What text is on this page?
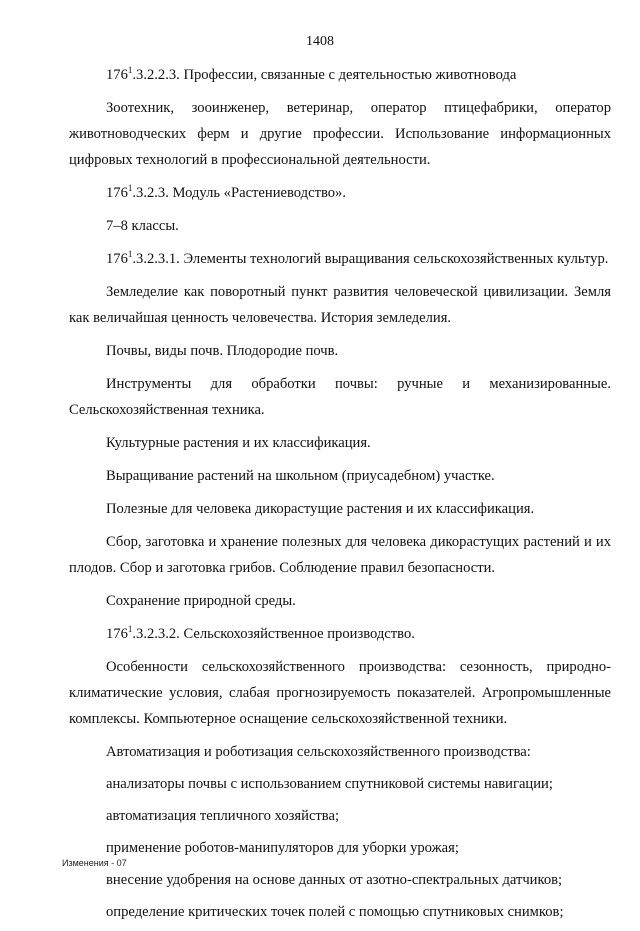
1408

$176^1.3.2.2.3$. Профессии, связанные с деятельностью животновода

Зоотехник, зооинженер, ветеринар, оператор птицефабрики, оператор животноводческих ферм и другие профессии. Использование информационных цифровых технологий в профессиональной деятельности.

$176^1.3.2.3$. Модуль «Растениеводство».

7–8 классы.

$176^1.3.2.3.1$. Элементы технологий выращивания сельскохозяйственных культур.

Земледелие как поворотный пункт развития человеческой цивилизации. Земля как величайшая ценность человечества. История земледелия.

Почвы, виды почв. Плодородие почв.

Инструменты для обработки почвы: ручные и механизированные. Сельскохозяйственная техника.

Культурные растения и их классификация.

Выращивание растений на школьном (приусадебном) участке.

Полезные для человека дикорастущие растения и их классификация.

Сбор, заготовка и хранение полезных для человека дикорастущих растений и их плодов. Сбор и заготовка грибов. Соблюдение правил безопасности.

Сохранение природной среды.

$176^1.3.2.3.2$. Сельскохозяйственное производство.

Особенности сельскохозяйственного производства: сезонность, природно-климатические условия, слабая прогнозируемость показателей. Агропромышленные комплексы. Компьютерное оснащение сельскохозяйственной техники.

Автоматизация и роботизация сельскохозяйственного производства:

анализаторы почвы c использованием спутниковой системы навигации;

автоматизация тепличного хозяйства;

применение роботов-манипуляторов для уборки урожая;

внесение удобрения на основе данных от азотно-спектральных датчиков;

определение критических точек полей с помощью спутниковых снимков;

Изменения - 07
